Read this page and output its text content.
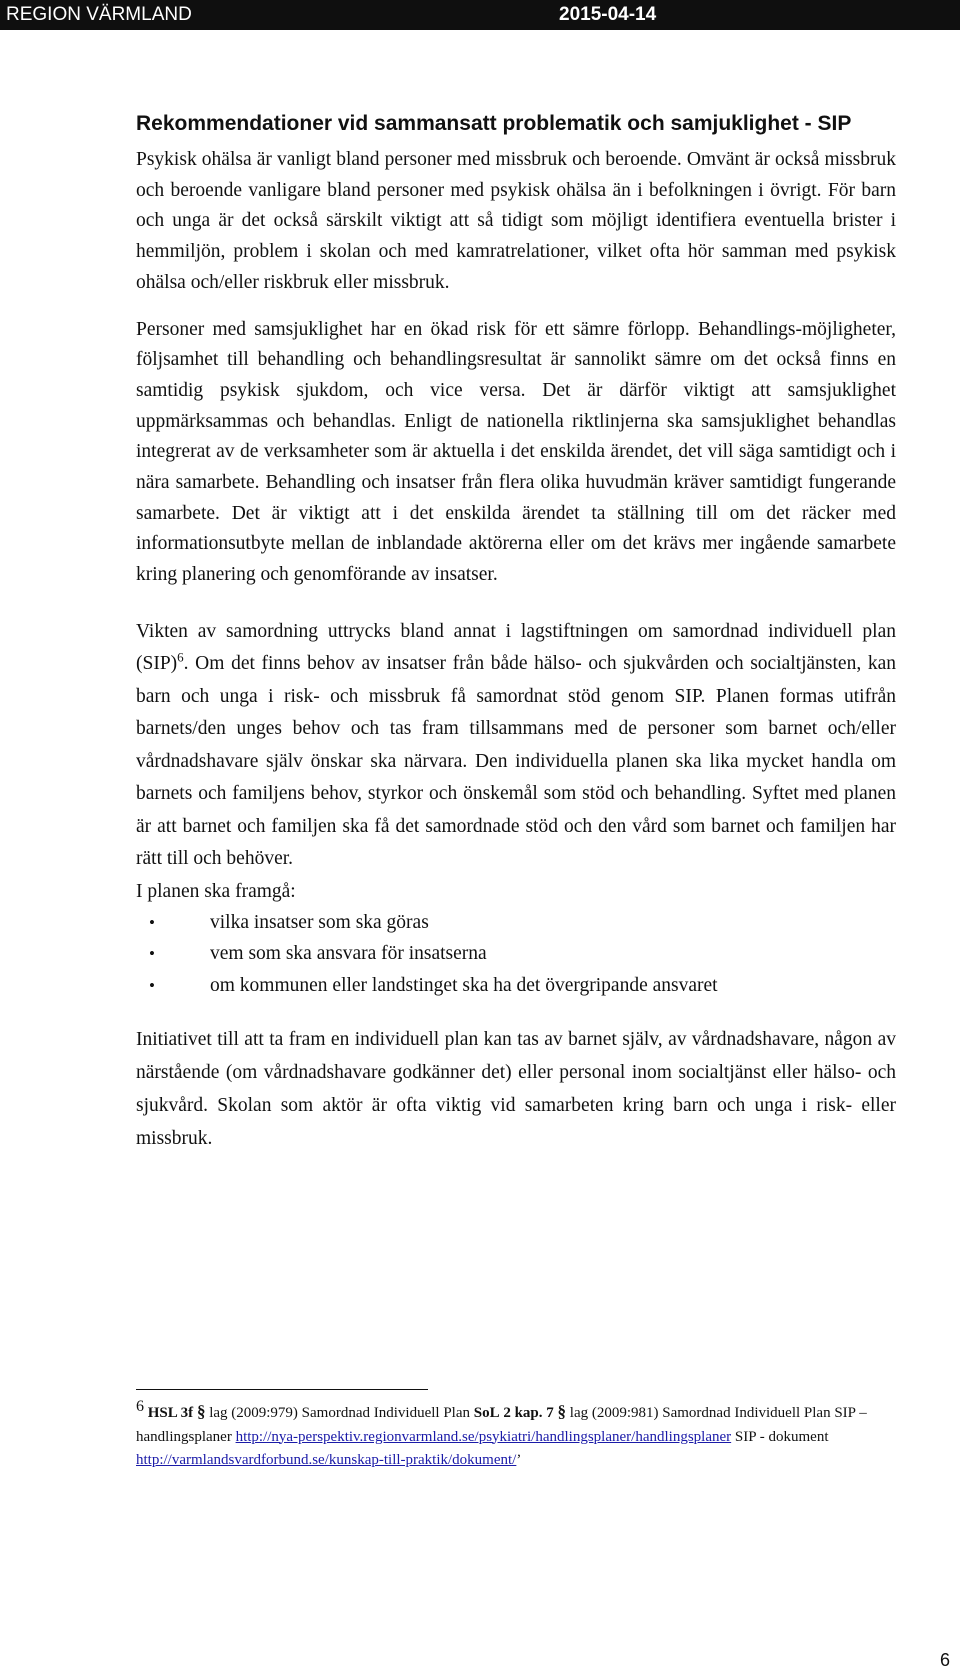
REGION VÄRMLAND	2015-04-14
Rekommendationer vid sammansatt problematik och samjuklighet - SIP

Psykisk ohälsa är vanligt bland personer med missbruk och beroende. Omvänt är också missbruk och beroende vanligare bland personer med psykisk ohälsa än i befolkningen i övrigt. För barn och unga är det också särskilt viktigt att så tidigt som möjligt identifiera eventuella brister i hemmiljön, problem i skolan och med kamratrelationer, vilket ofta hör samman med psykisk ohälsa och/eller riskbruk eller missbruk.

Personer med samsjuklighet har en ökad risk för ett sämre förlopp. Behandlings-möjligheter, följsamhet till behandling och behandlingsresultat är sannolikt sämre om det också finns en samtidig psykisk sjukdom, och vice versa. Det är därför viktigt att samsjuklighet uppmärksammas och behandlas. Enligt de nationella riktlinjerna ska samsjuklighet behandlas integrerat av de verksamheter som är aktuella i det enskilda ärendet, det vill säga samtidigt och i nära samarbete. Behandling och insatser från flera olika huvudmän kräver samtidigt fungerande samarbete. Det är viktigt att i det enskilda ärendet ta ställning till om det räcker med informationsutbyte mellan de inblandade aktörerna eller om det krävs mer ingående samarbete kring planering och genomförande av insatser.

Vikten av samordning uttrycks bland annat i lagstiftningen om samordnad individuell plan (SIP)$^6$. Om det finns behov av insatser från både hälso- och sjukvården och socialtjänsten, kan barn och unga i risk- och missbruk få samordnat stöd genom SIP. Planen formas utifrån barnets/den unges behov och tas fram tillsammans med de personer som barnet och/eller vårdnadshavare själv önskar ska närvara. Den individuella planen ska lika mycket handla om barnets och familjens behov, styrkor och önskemål som stöd och behandling. Syftet med planen är att barnet och familjen ska få det samordnade stöd och den vård som barnet och familjen har rätt till och behöver.

I planen ska framgå:

•	vilka insatser som ska göras
•	vem som ska ansvara för insatserna
•	om kommunen eller landstinget ska ha det övergripande ansvaret

Initiativet till att ta fram en individuell plan kan tas av barnet själv, av vårdnadshavare, någon av närstående (om vårdnadshavare godkänner det) eller personal inom socialtjänst eller hälso- och sjukvård. Skolan som aktör är ofta viktig vid samarbeten kring barn och unga i risk- eller missbruk.

6 HSL 3f § lag (2009:979) Samordnad Individuell Plan SoL 2 kap. 7 § lag (2009:981) Samordnad Individuell Plan SIP – handlingsplaner http://nya-perspektiv.regionvarmland.se/psykiatri/handlingsplaner/handlingsplaner SIP - dokument http://varmlandsvardforbund.se/kunskap-till-praktik/dokument/’
6
